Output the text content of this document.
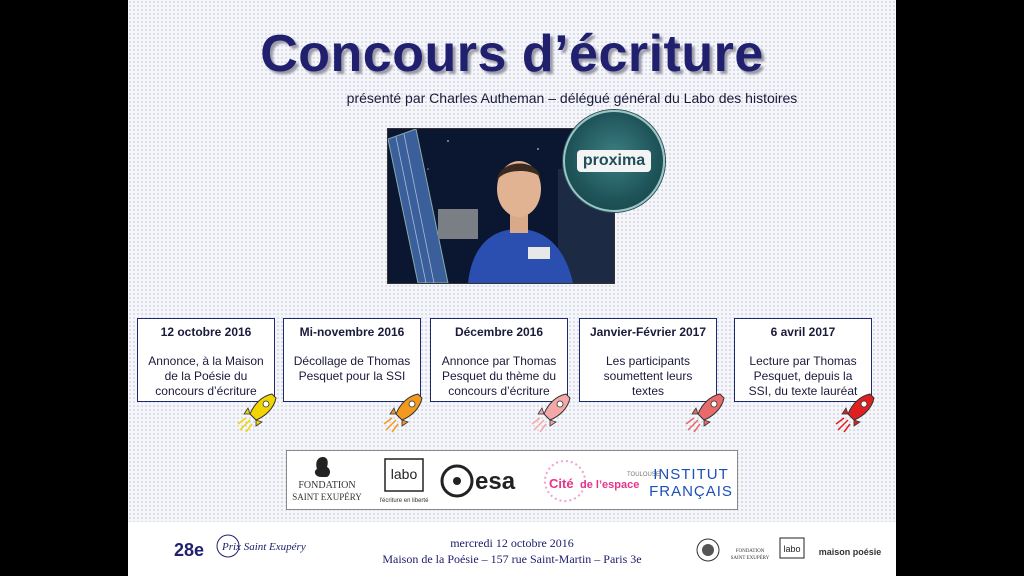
Concours d’écriture
présenté par Charles Autheman – délégué général du Labo des histoires
proxima
12 octobre 2016
Annonce, à la Maison de la Poésie du concours d’écriture
Mi-novembre 2016
Décollage de Thomas Pesquet pour la SSI
Décembre 2016
Annonce par Thomas Pesquet du thème du concours d’écriture
Janvier-Février 2017
Les participants soumettent leurs textes
6 avril 2017
Lecture par Thomas Pesquet, depuis la SSI, du texte lauréat
FONDATION
SAINT EXUPÉRY
labo
l'écriture en liberté
esa	Cité de l’espace
TOULOUSE
INSTITUT
FRANÇAIS
28e Prix Saint Exupéry	FONDATION
SAINT EXUPÉRY
labo maison poésie
mercredi 12 octobre 2016
Maison de la Poésie – 157 rue Saint-Martin – Paris 3e
